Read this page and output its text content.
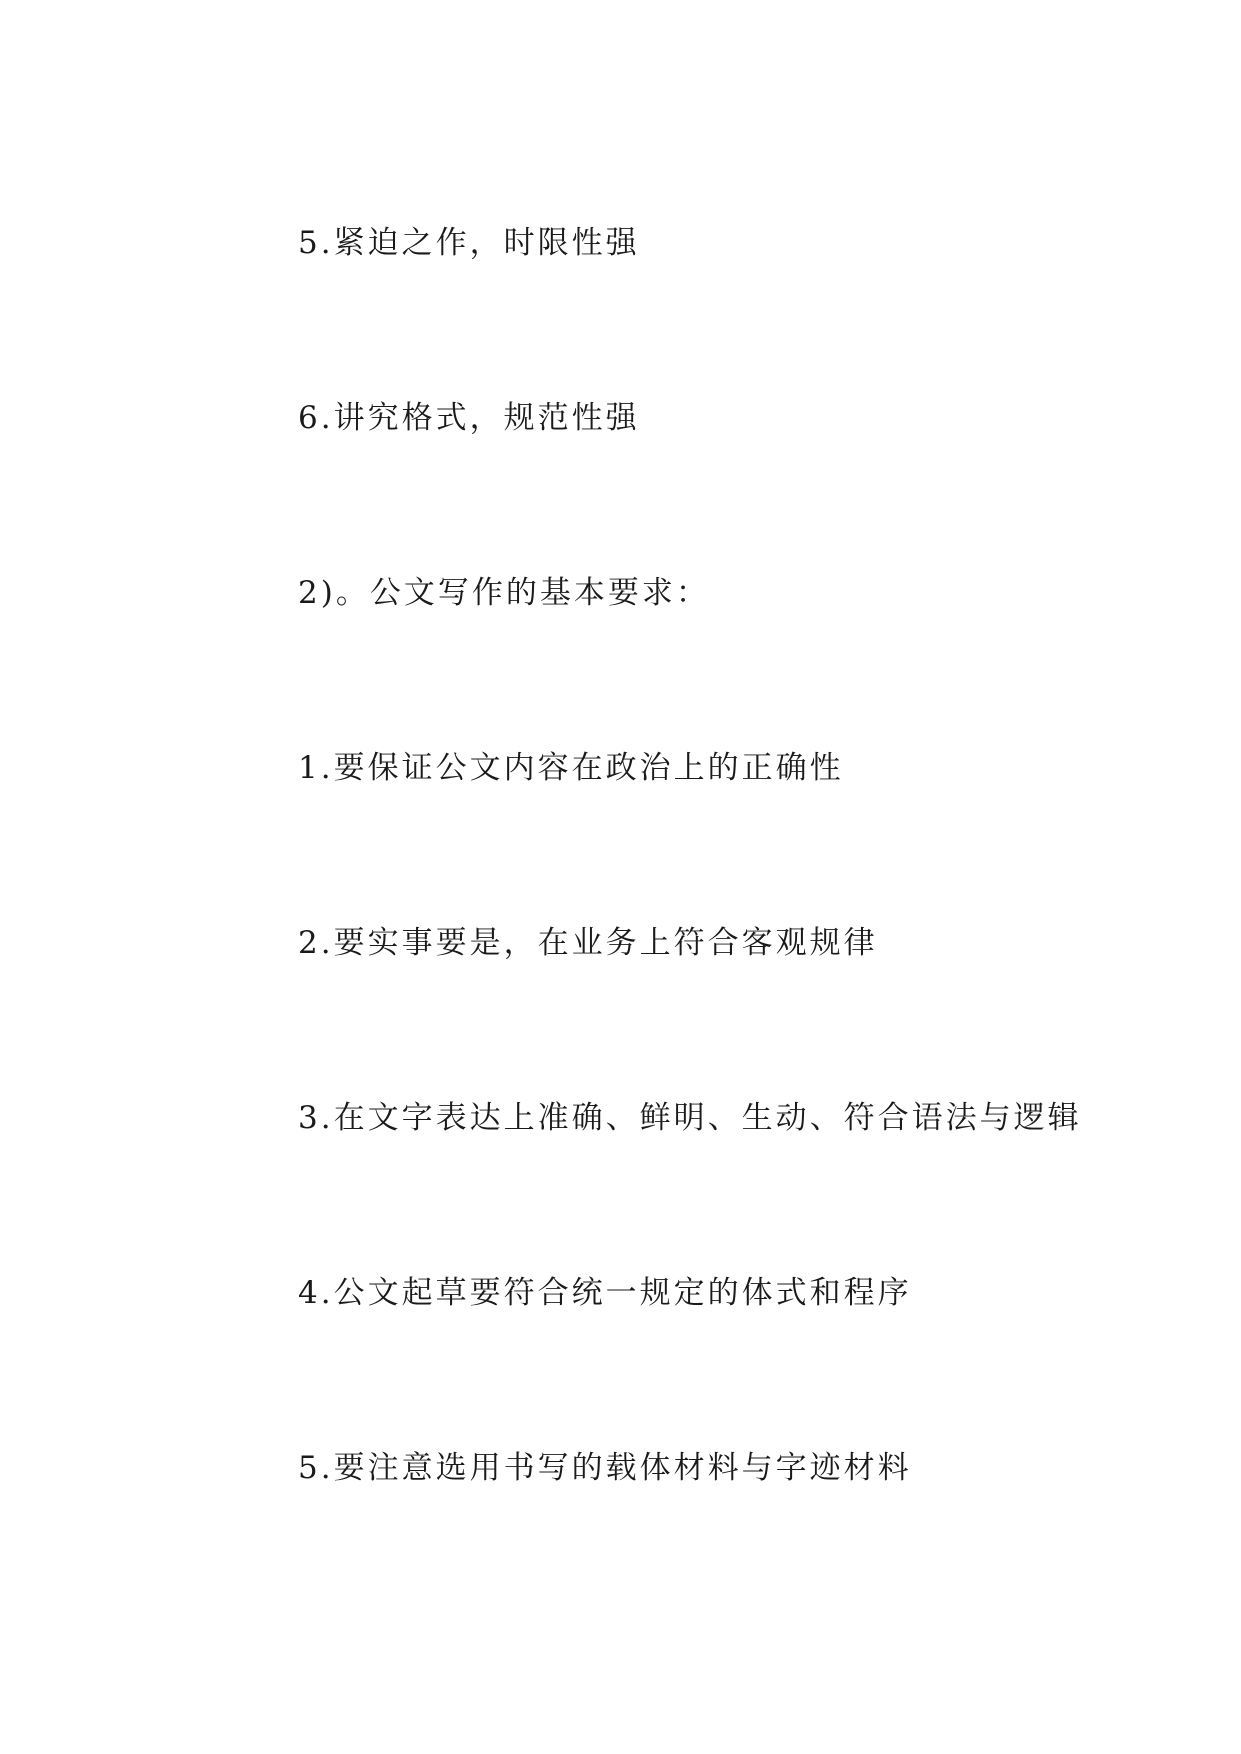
5.紧迫之作，时限性强
6.讲究格式，规范性强
2)。公文写作的基本要求：
1.要保证公文内容在政治上的正确性
2.要实事要是，在业务上符合客观规律
3.在文字表达上准确、鲜明、生动、符合语法与逻辑
4.公文起草要符合统一规定的体式和程序
5.要注意选用书写的载体材料与字迹材料
